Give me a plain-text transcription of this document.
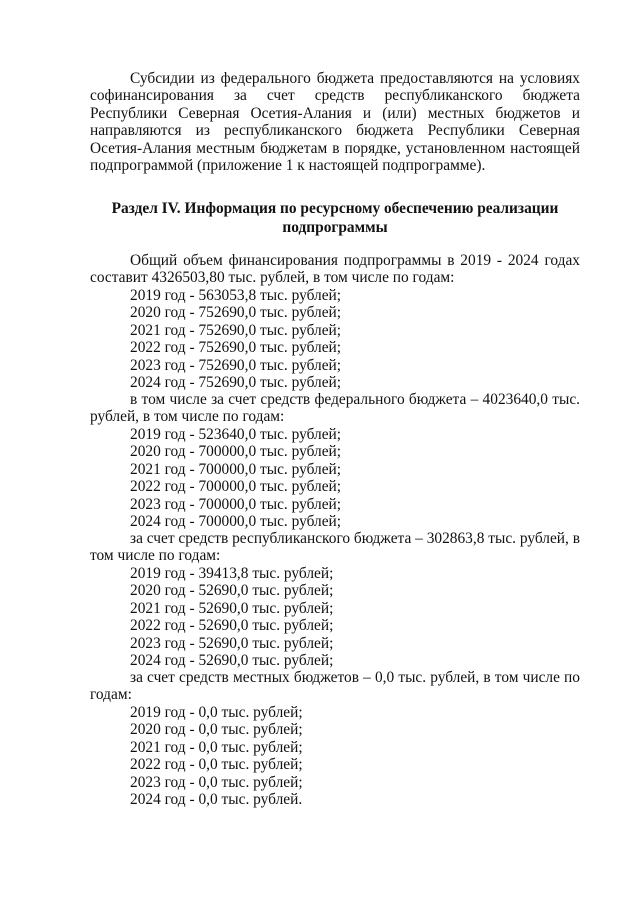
Субсидии из федерального бюджета предоставляются на условиях софинансирования за счет средств республиканского бюджета Республики Северная Осетия-Алания и (или) местных бюджетов и направляются из республиканского бюджета Республики Северная Осетия-Алания местным бюджетам в порядке, установленном настоящей подпрограммой (приложение 1 к настоящей подпрограмме).

Раздел IV. Информация по ресурсному обеспечению реализации подпрограммы

Общий объем финансирования подпрограммы в 2019 - 2024 годах составит 4326503,80 тыс. рублей, в том числе по годам:

2019 год - 563053,8 тыс. рублей;
2020 год - 752690,0 тыс. рублей;
2021 год - 752690,0 тыс. рублей;
2022 год - 752690,0 тыс. рублей;
2023 год - 752690,0 тыс. рублей;
2024 год - 752690,0 тыс. рублей;

в том числе за счет средств федерального бюджета – 4023640,0 тыс. рублей, в том числе по годам:

2019 год - 523640,0 тыс. рублей;
2020 год - 700000,0 тыс. рублей;
2021 год - 700000,0 тыс. рублей;
2022 год - 700000,0 тыс. рублей;
2023 год - 700000,0 тыс. рублей;
2024 год - 700000,0 тыс. рублей;

за счет средств республиканского бюджета – 302863,8 тыс. рублей, в том числе по годам:

2019 год - 39413,8 тыс. рублей;
2020 год - 52690,0 тыс. рублей;
2021 год - 52690,0 тыс. рублей;
2022 год - 52690,0 тыс. рублей;
2023 год - 52690,0 тыс. рублей;
2024 год - 52690,0 тыс. рублей;

за счет средств местных бюджетов – 0,0 тыс. рублей, в том числе по годам:

2019 год - 0,0 тыс. рублей;
2020 год - 0,0 тыс. рублей;
2021 год - 0,0 тыс. рублей;
2022 год - 0,0 тыс. рублей;
2023 год - 0,0 тыс. рублей;
2024 год - 0,0 тыс. рублей.
